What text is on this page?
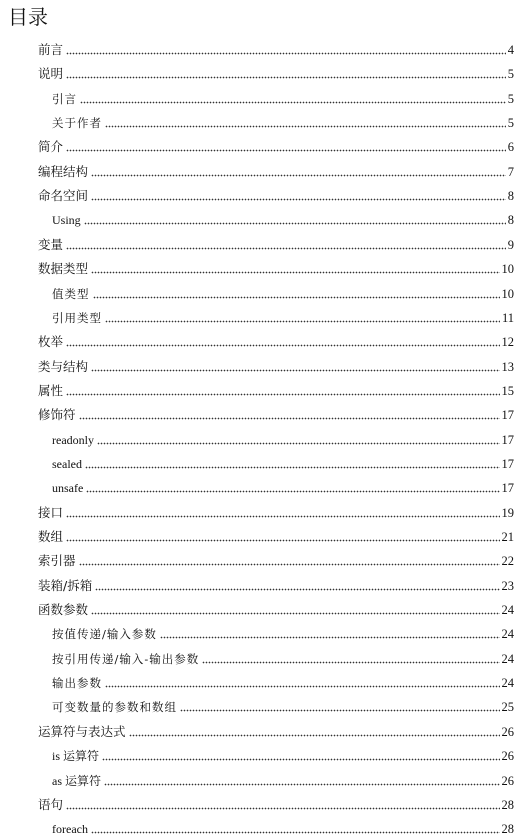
目录
前言	4
说明	5
引言	5
关于作者	5
简介	6
编程结构	7
命名空间	8
Using	8
变量	9
数据类型	10
值类型	10
引用类型	11
枚举	12
类与结构	13
属性	15
修饰符	17
readonly	17
sealed	17
unsafe	17
接口	19
数组	21
索引器	22
装箱/拆箱	23
函数参数	24
按值传递/输入参数	24
按引用传递/输入-输出参数	24
输出参数	24
可变数量的参数和数组	25
运算符与表达式	26
is 运算符	26
as 运算符	26
语句	28
foreach	28
